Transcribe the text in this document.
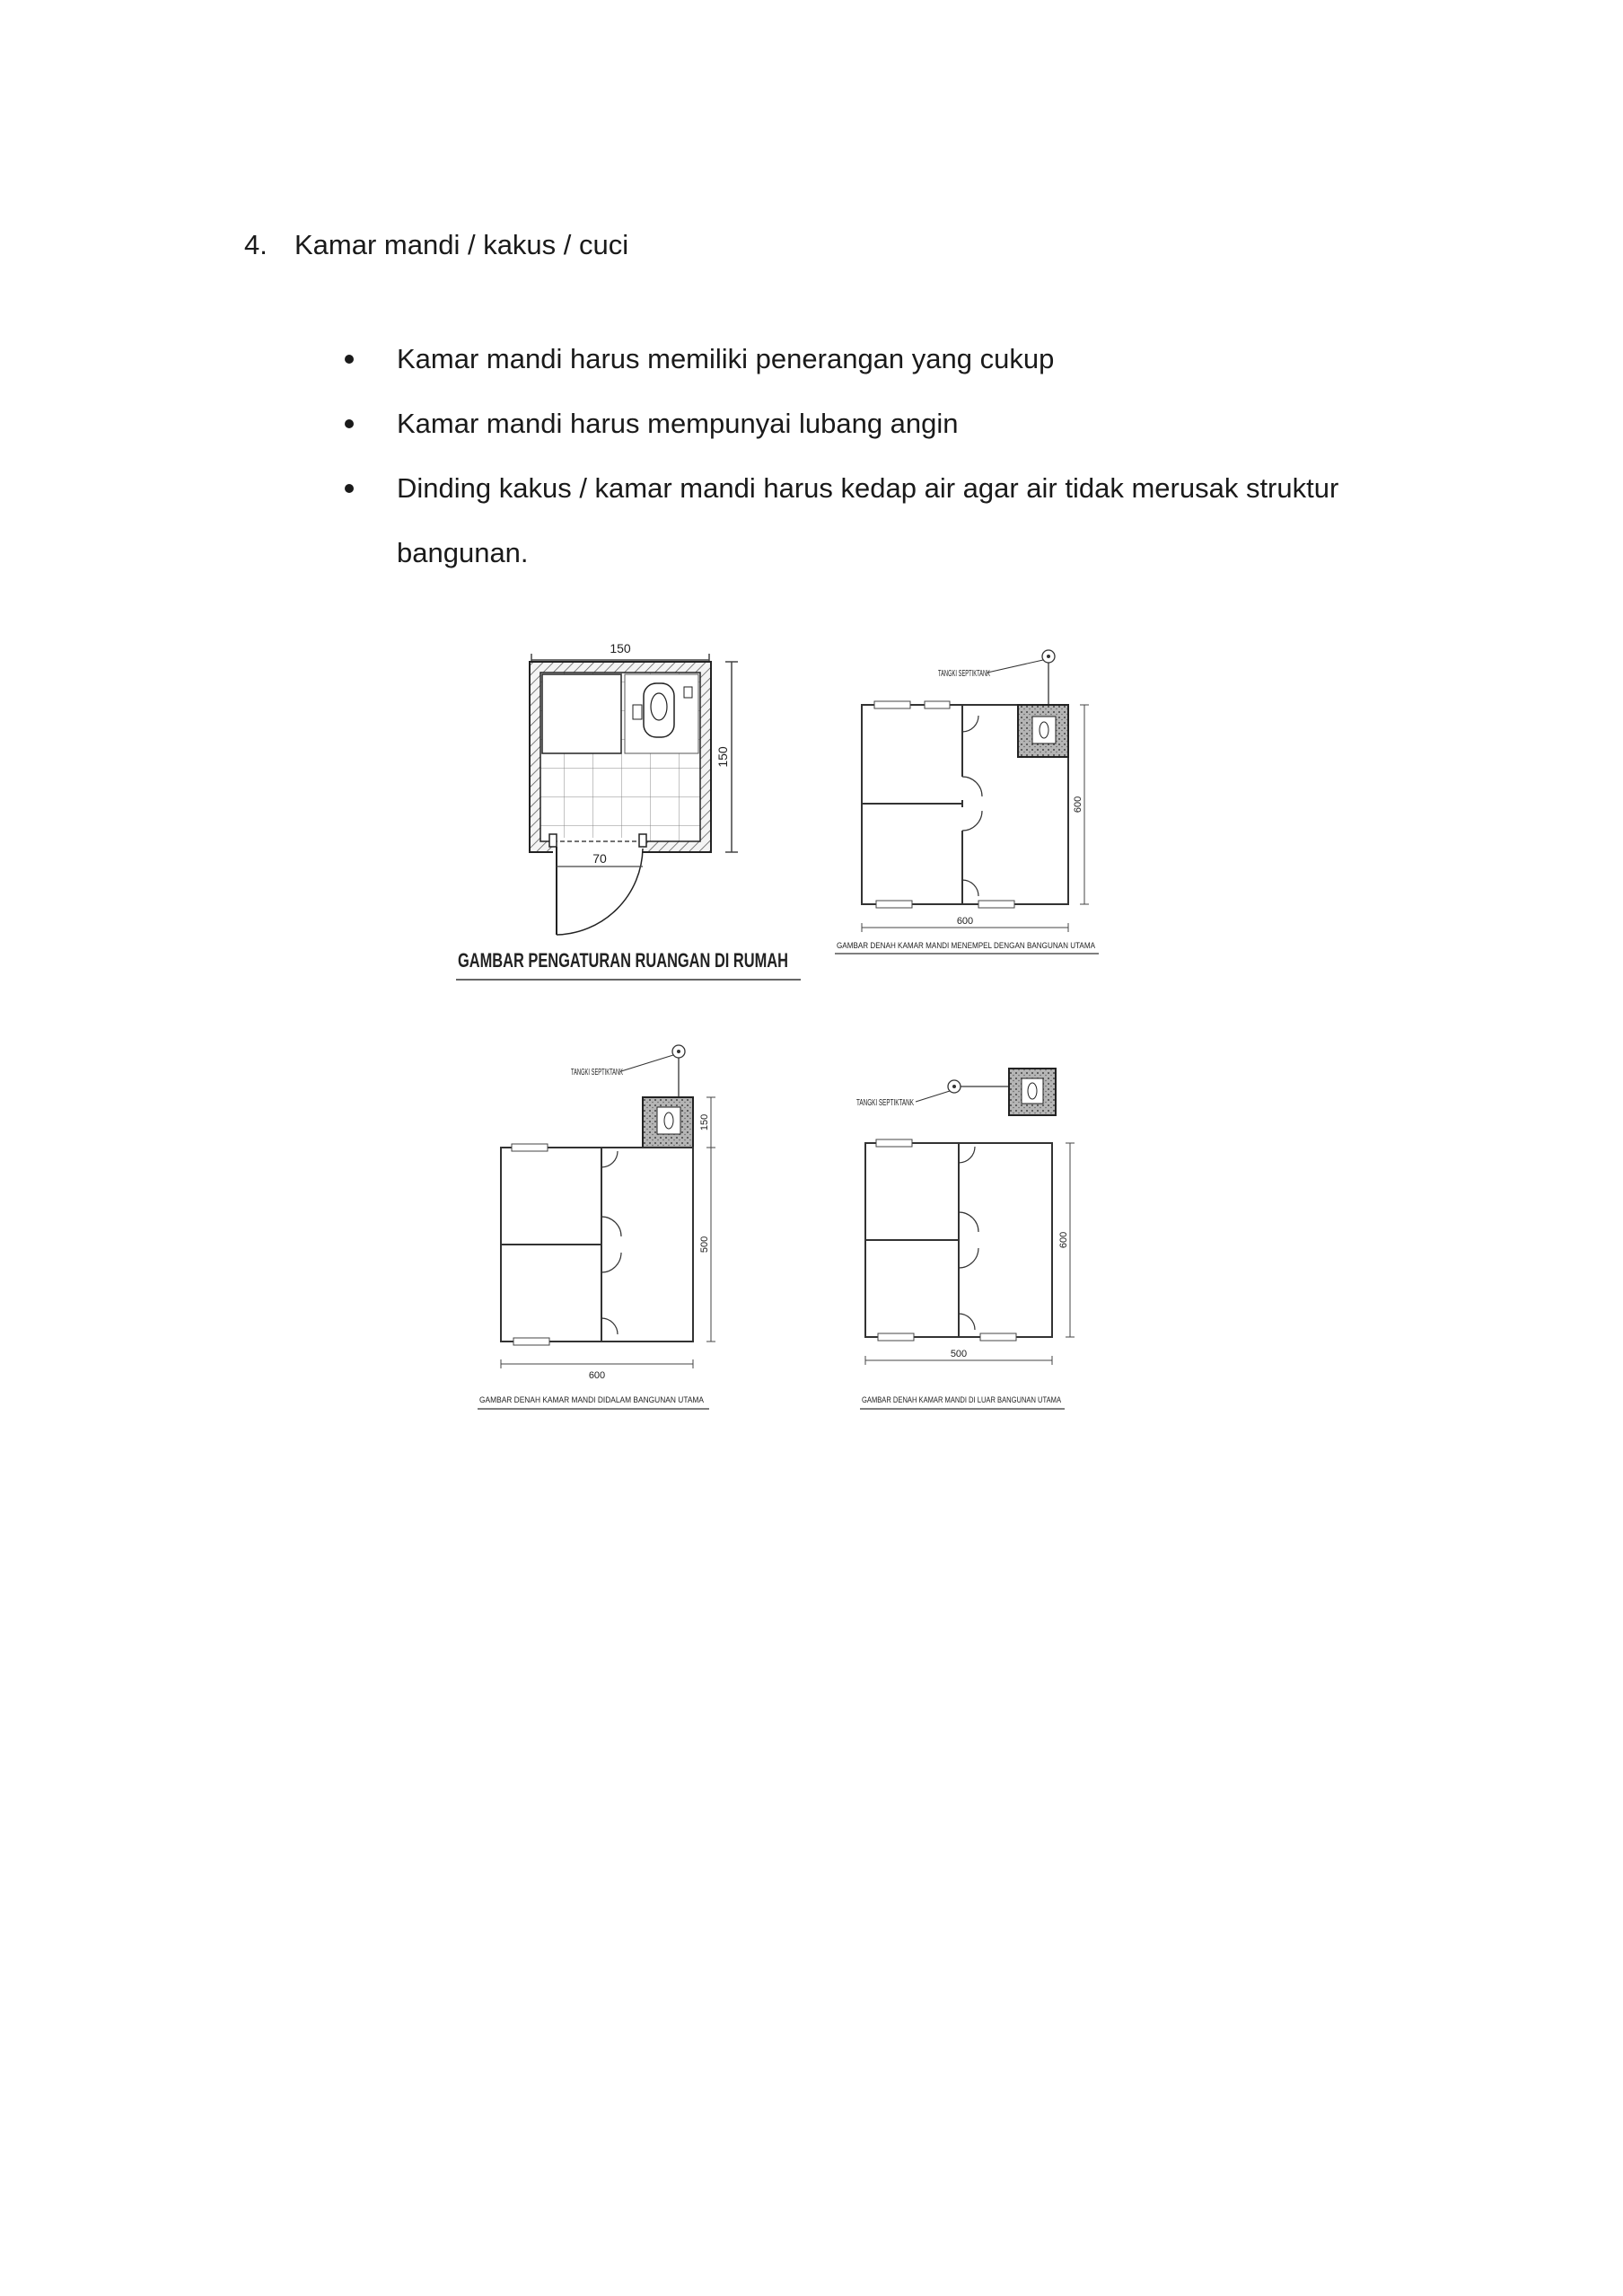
4. Kamar mandi / kakus / cuci
Kamar mandi harus memiliki penerangan yang cukup
Kamar mandi harus mempunyai lubang angin
Dinding kakus / kamar mandi harus kedap air agar air tidak merusak struktur bangunan.
150
150
70
GAMBAR PENGATURAN RUANGAN DI RUMAH
TANGKI SEPTIKTANK
600
600
GAMBAR DENAH KAMAR MANDI MENEMPEL DENGAN BANGUNAN UTAMA
TANGKI SEPTIKTANK
150
500
600
GAMBAR DENAH KAMAR MANDI DIDALAM BANGUNAN UTAMA
TANGKI SEPTIKTANK
600
500
GAMBAR DENAH KAMAR MANDI DI LUAR BANGUNAN UTAMA
